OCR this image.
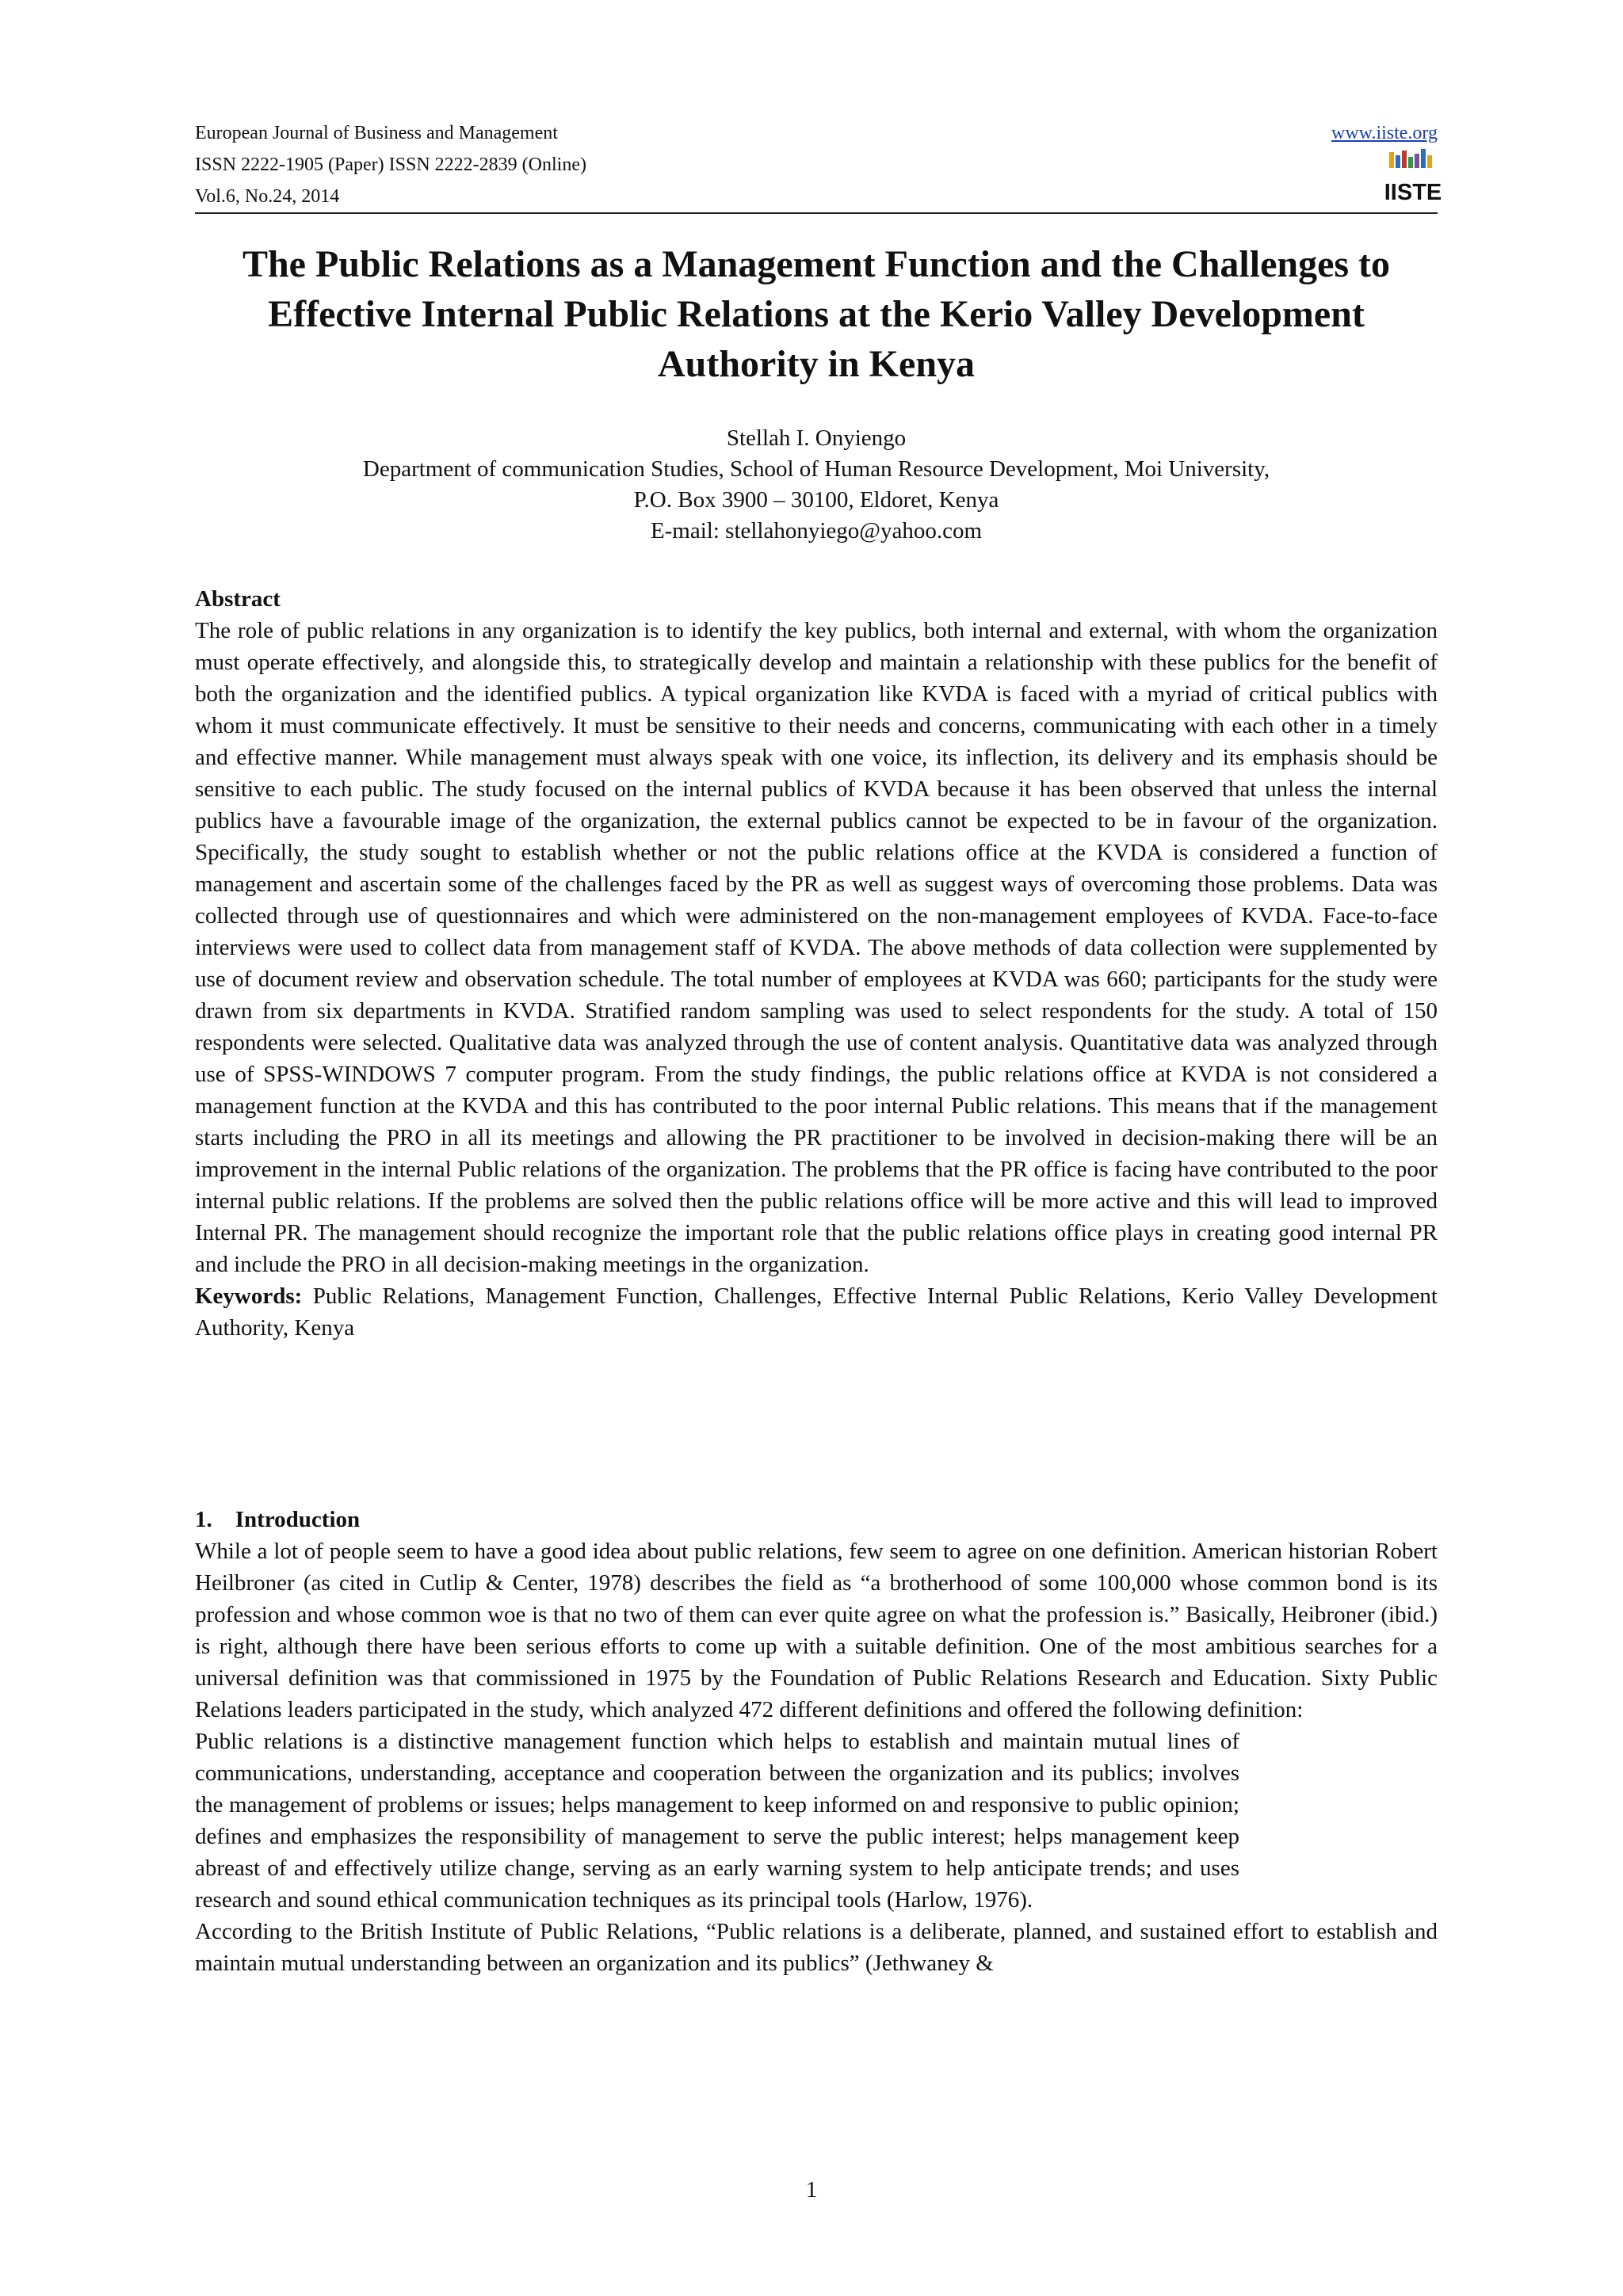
European Journal of Business and Management
ISSN 2222-1905 (Paper) ISSN 2222-2839 (Online)
Vol.6, No.24, 2014
www.iiste.org
IISTE
The Public Relations as a Management Function and the Challenges to Effective Internal Public Relations at the Kerio Valley Development Authority in Kenya
Stellah I. Onyiengo
Department of communication Studies, School of Human Resource Development, Moi University,
P.O. Box 3900 – 30100, Eldoret, Kenya
E-mail: stellahonyiego@yahoo.com

Abstract

The role of public relations in any organization is to identify the key publics, both internal and external, with whom the organization must operate effectively, and alongside this, to strategically develop and maintain a relationship with these publics for the benefit of both the organization and the identified publics. A typical organization like KVDA is faced with a myriad of critical publics with whom it must communicate effectively. It must be sensitive to their needs and concerns, communicating with each other in a timely and effective manner. While management must always speak with one voice, its inflection, its delivery and its emphasis should be sensitive to each public. The study focused on the internal publics of KVDA because it has been observed that unless the internal publics have a favourable image of the organization, the external publics cannot be expected to be in favour of the organization. Specifically, the study sought to establish whether or not the public relations office at the KVDA is considered a function of management and ascertain some of the challenges faced by the PR as well as suggest ways of overcoming those problems. Data was collected through use of questionnaires and which were administered on the non-management employees of KVDA. Face-to-face interviews were used to collect data from management staff of KVDA. The above methods of data collection were supplemented by use of document review and observation schedule. The total number of employees at KVDA was 660; participants for the study were drawn from six departments in KVDA. Stratified random sampling was used to select respondents for the study. A total of 150 respondents were selected. Qualitative data was analyzed through the use of content analysis. Quantitative data was analyzed through use of SPSS-WINDOWS 7 computer program. From the study findings, the public relations office at KVDA is not considered a management function at the KVDA and this has contributed to the poor internal Public relations. This means that if the management starts including the PRO in all its meetings and allowing the PR practitioner to be involved in decision-making there will be an improvement in the internal Public relations of the organization. The problems that the PR office is facing have contributed to the poor internal public relations. If the problems are solved then the public relations office will be more active and this will lead to improved Internal PR. The management should recognize the important role that the public relations office plays in creating good internal PR and include the PRO in all decision-making meetings in the organization.

Keywords: Public Relations, Management Function, Challenges, Effective Internal Public Relations, Kerio Valley Development Authority, Kenya

1.    Introduction

While a lot of people seem to have a good idea about public relations, few seem to agree on one definition. American historian Robert Heilbroner (as cited in Cutlip & Center, 1978) describes the field as “a brotherhood of some 100,000 whose common bond is its profession and whose common woe is that no two of them can ever quite agree on what the profession is.” Basically, Heibroner (ibid.) is right, although there have been serious efforts to come up with a suitable definition. One of the most ambitious searches for a universal definition was that commissioned in 1975 by the Foundation of Public Relations Research and Education. Sixty Public Relations leaders participated in the study, which analyzed 472 different definitions and offered the following definition:

Public relations is a distinctive management function which helps to establish and maintain mutual lines of communications, understanding, acceptance and cooperation between the organization and its publics; involves the management of problems or issues; helps management to keep informed on and responsive to public opinion; defines and emphasizes the responsibility of management to serve the public interest; helps management keep abreast of and effectively utilize change, serving as an early warning system to help anticipate trends; and uses research and sound ethical communication techniques as its principal tools (Harlow, 1976).

According to the British Institute of Public Relations, “Public relations is a deliberate, planned, and sustained effort to establish and maintain mutual understanding between an organization and its publics” (Jethwaney &

1
